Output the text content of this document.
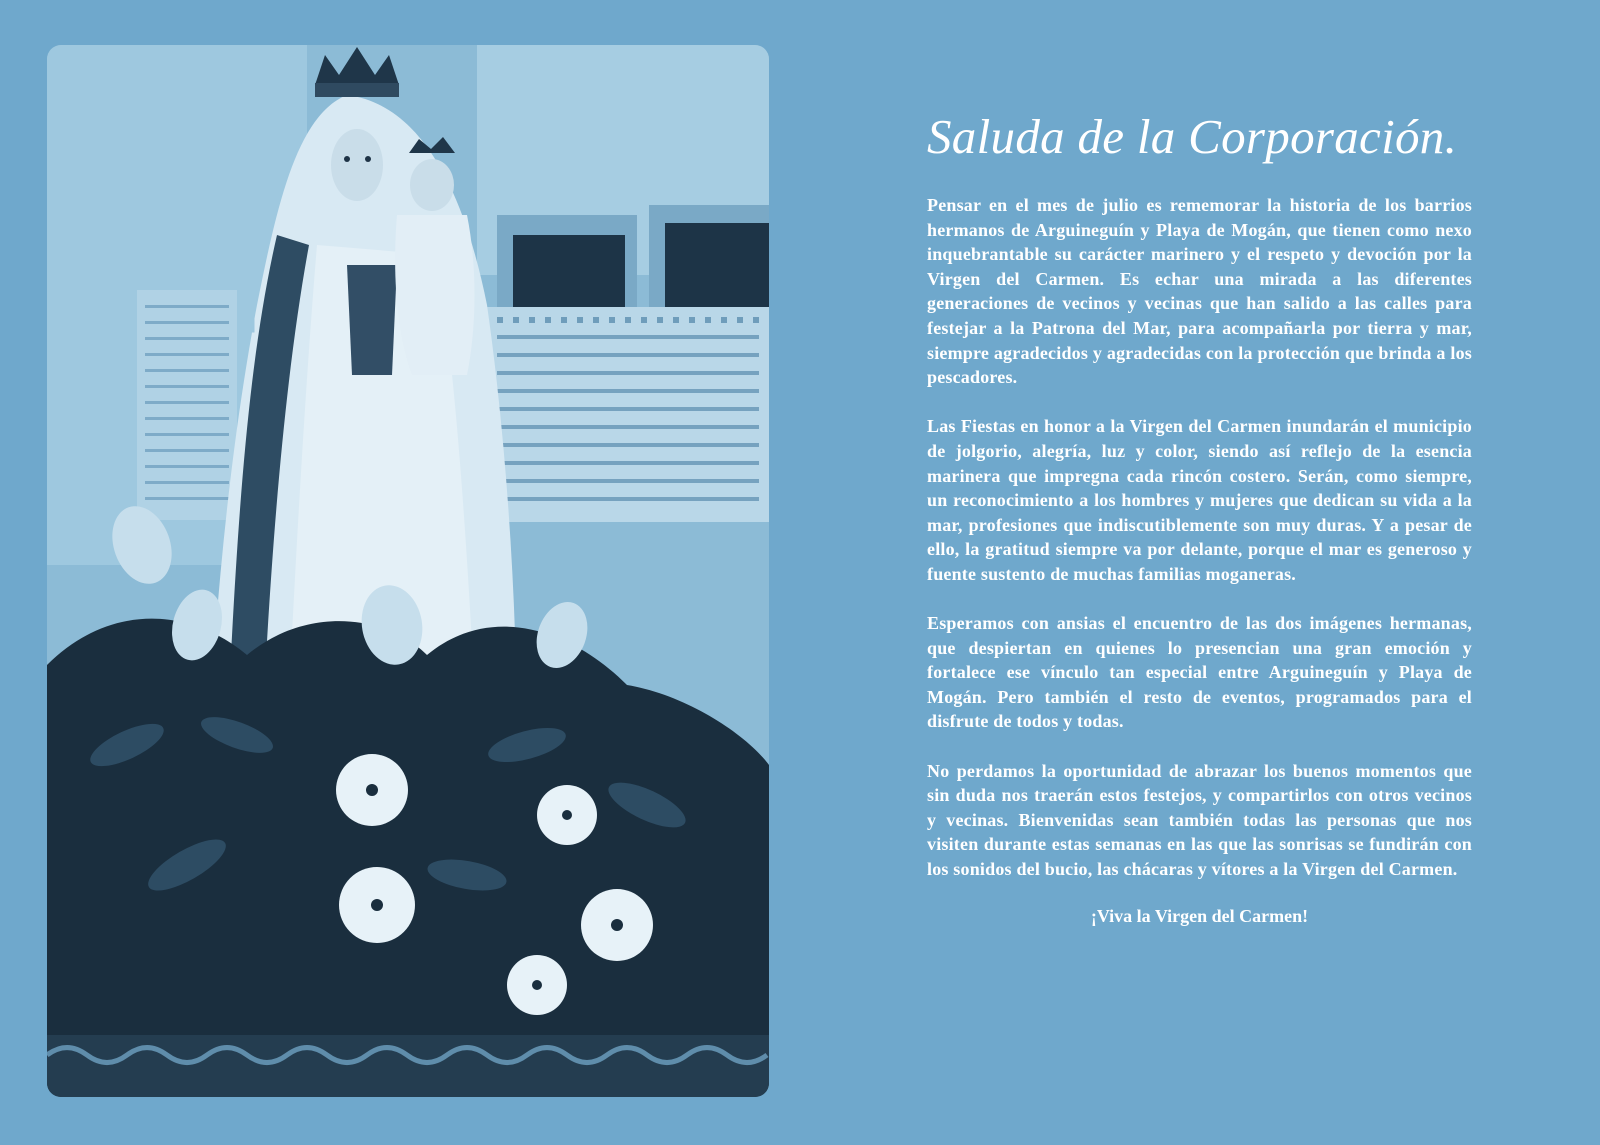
Saluda de la Corporación.

Pensar en el mes de julio es rememorar la historia de los barrios hermanos de Arguineguín y Playa de Mogán, que tienen como nexo inquebrantable su carácter marinero y el respeto y devoción por la Virgen del Carmen. Es echar una mirada a las diferentes generaciones de vecinos y vecinas que han salido a las calles para festejar a la Patrona del Mar, para acompañarla por tierra y mar, siempre agradecidos y agradecidas con la protección que brinda a los pescadores.

Las Fiestas en honor a la Virgen del Carmen inundarán el municipio de jolgorio, alegría, luz y color, siendo así reflejo de la esencia marinera que impregna cada rincón costero. Serán, como siempre, un reconocimiento a los hombres y mujeres que dedican su vida a la mar, profesiones que indiscutiblemente son muy duras. Y a pesar de ello, la gratitud siempre va por delante, porque el mar es generoso y fuente sustento de muchas familias moganeras.

Esperamos con ansias el encuentro de las dos imágenes hermanas, que despiertan en quienes lo presencian una gran emoción y fortalece ese vínculo tan especial entre Arguineguín y Playa de Mogán. Pero también el resto de eventos, programados para el disfrute de todos y todas.

No perdamos la oportunidad de abrazar los buenos momentos que sin duda nos traerán estos festejos, y compartirlos con otros vecinos y vecinas. Bienvenidas sean también todas las personas que nos visiten durante estas semanas en las que las sonrisas se fundirán con los sonidos del bucio, las chácaras y vítores a la Virgen del Carmen.

¡Viva la Virgen del Carmen!
